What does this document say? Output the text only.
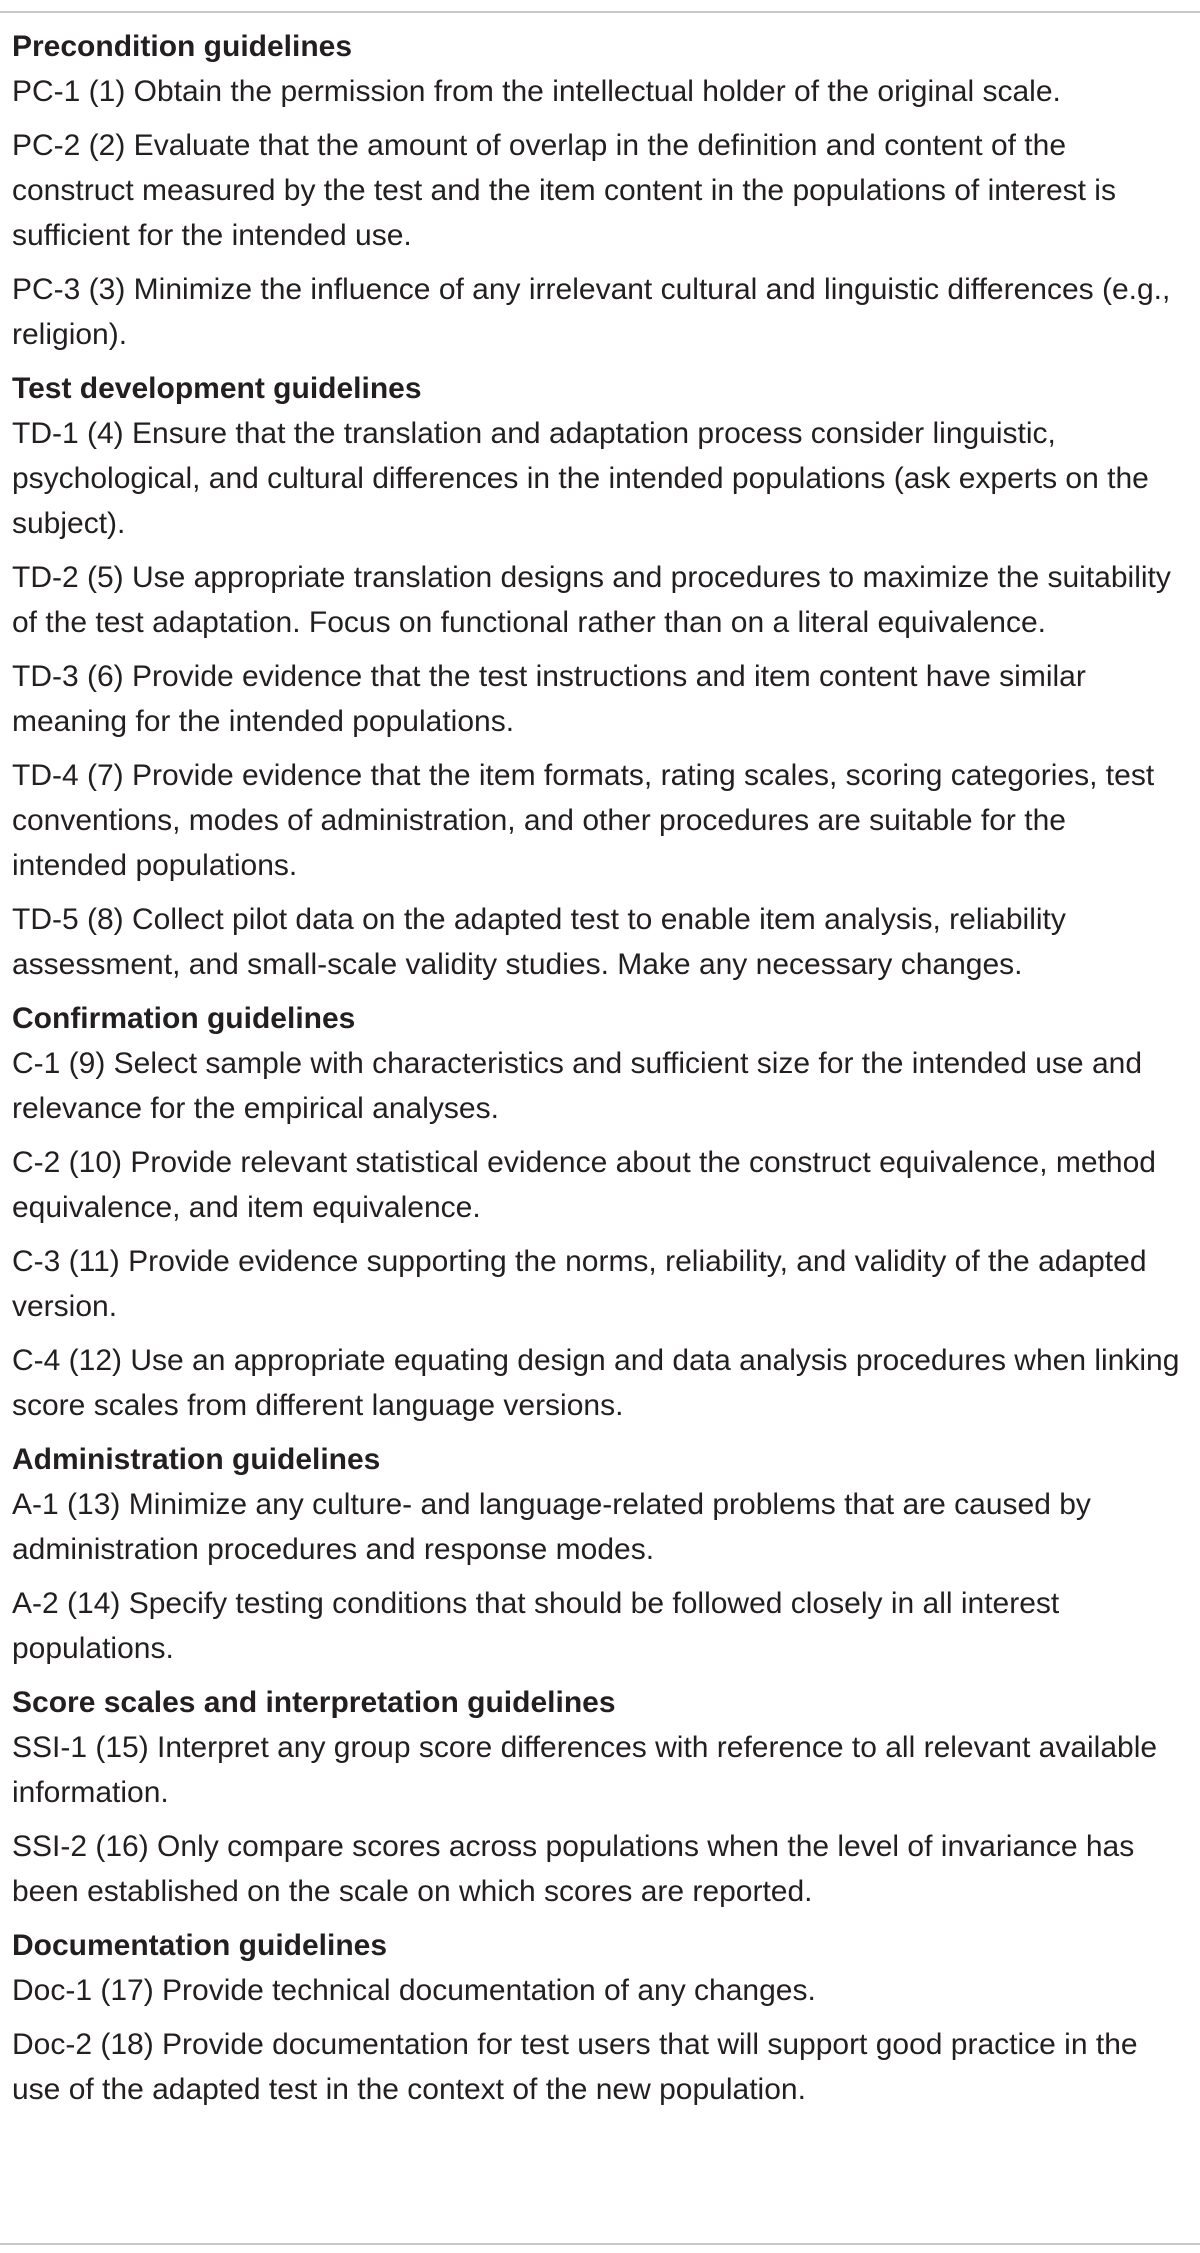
Precondition guidelines
PC-1 (1) Obtain the permission from the intellectual holder of the original scale.
PC-2 (2) Evaluate that the amount of overlap in the definition and content of the construct measured by the test and the item content in the populations of interest is sufficient for the intended use.
PC-3 (3) Minimize the influence of any irrelevant cultural and linguistic differences (e.g., religion).
Test development guidelines
TD-1 (4) Ensure that the translation and adaptation process consider linguistic, psychological, and cultural differences in the intended populations (ask experts on the subject).
TD-2 (5) Use appropriate translation designs and procedures to maximize the suitability of the test adaptation. Focus on functional rather than on a literal equivalence.
TD-3 (6) Provide evidence that the test instructions and item content have similar meaning for the intended populations.
TD-4 (7) Provide evidence that the item formats, rating scales, scoring categories, test conventions, modes of administration, and other procedures are suitable for the intended populations.
TD-5 (8) Collect pilot data on the adapted test to enable item analysis, reliability assessment, and small-scale validity studies. Make any necessary changes.
Confirmation guidelines
C-1 (9) Select sample with characteristics and sufficient size for the intended use and relevance for the empirical analyses.
C-2 (10) Provide relevant statistical evidence about the construct equivalence, method equivalence, and item equivalence.
C-3 (11) Provide evidence supporting the norms, reliability, and validity of the adapted version.
C-4 (12) Use an appropriate equating design and data analysis procedures when linking score scales from different language versions.
Administration guidelines
A-1 (13) Minimize any culture- and language-related problems that are caused by administration procedures and response modes.
A-2 (14) Specify testing conditions that should be followed closely in all interest populations.
Score scales and interpretation guidelines
SSI-1 (15) Interpret any group score differences with reference to all relevant available information.
SSI-2 (16) Only compare scores across populations when the level of invariance has been established on the scale on which scores are reported.
Documentation guidelines
Doc-1 (17) Provide technical documentation of any changes.
Doc-2 (18) Provide documentation for test users that will support good practice in the use of the adapted test in the context of the new population.
